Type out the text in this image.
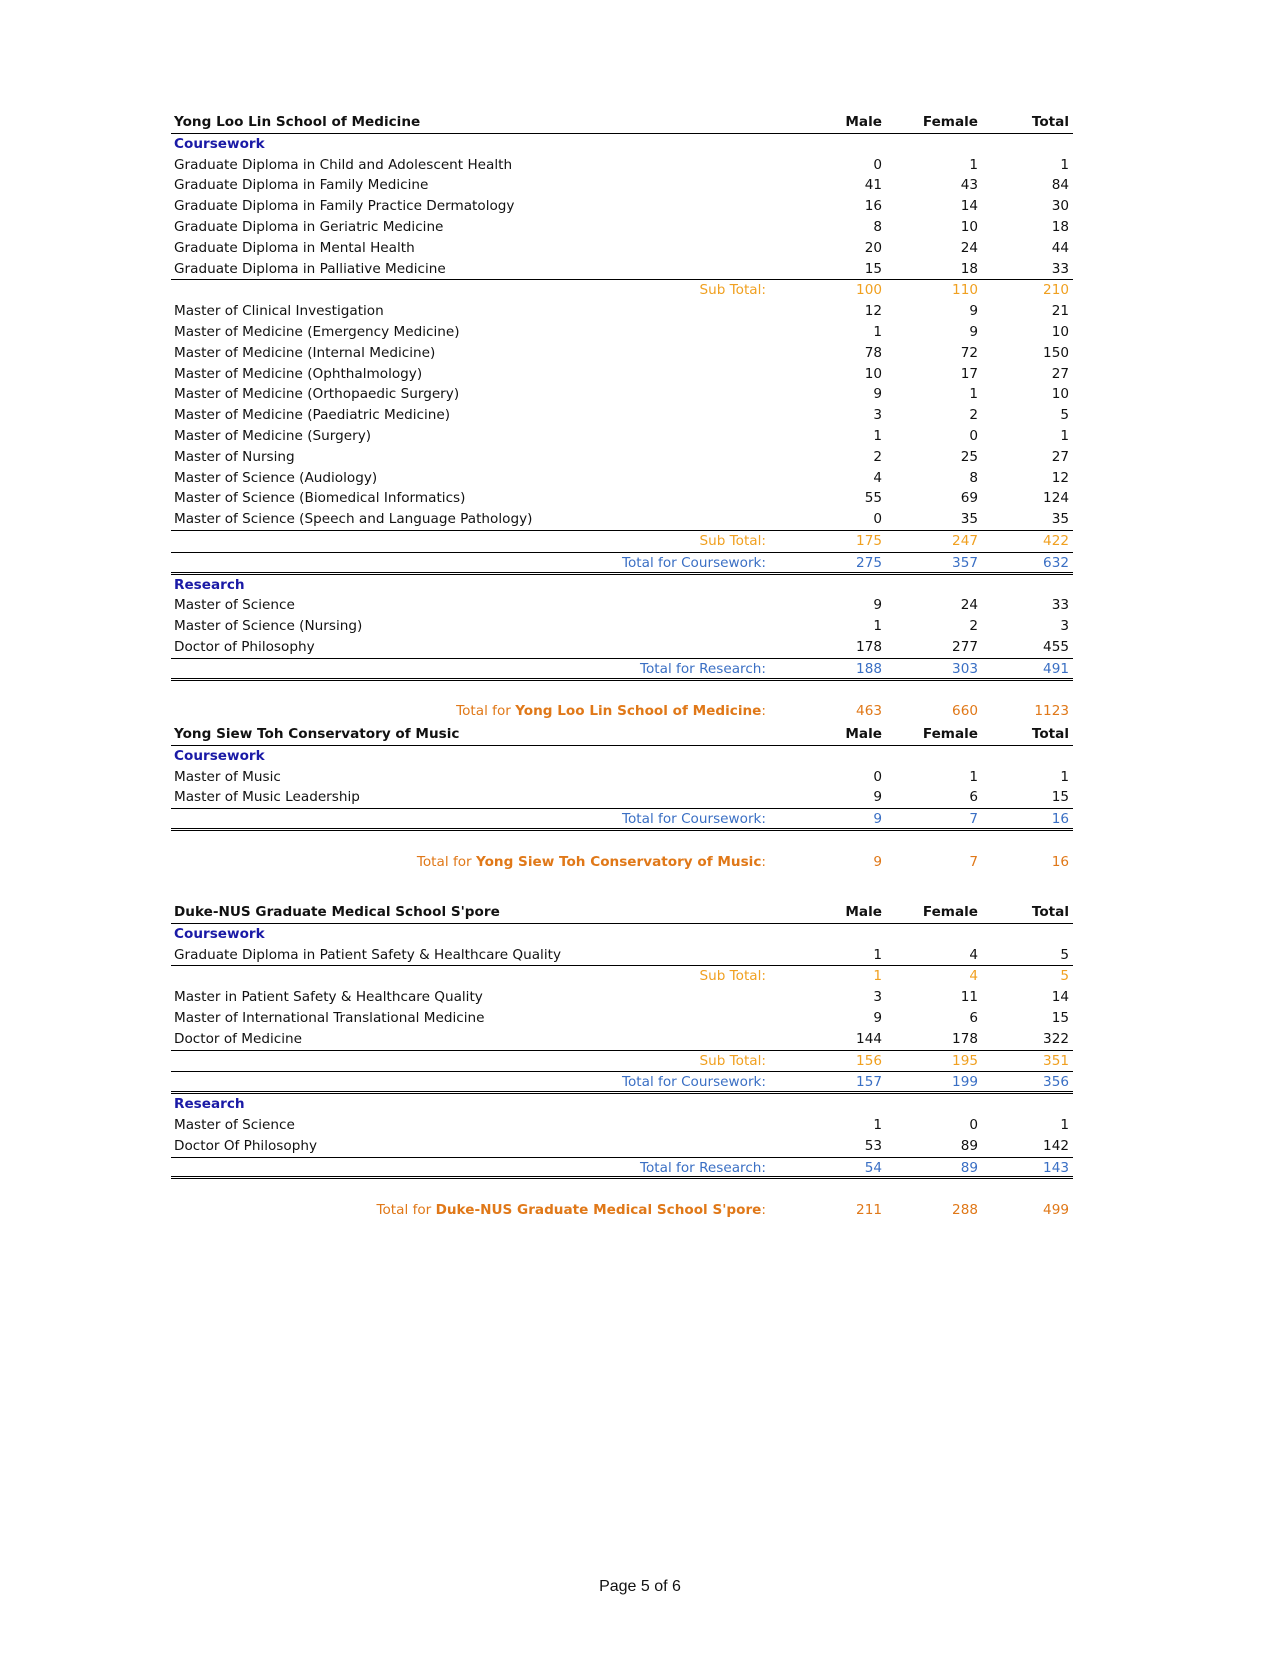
Yong Loo Lin School of Medicine	Male	Female	Total
Coursework
Graduate Diploma in Child and Adolescent Health	0	1	1
Graduate Diploma in Family Medicine	41	43	84
Graduate Diploma in Family Practice Dermatology	16	14	30
Graduate Diploma in Geriatric Medicine	8	10	18
Graduate Diploma in Mental Health	20	24	44
Graduate Diploma in Palliative Medicine	15	18	33
Sub Total:	100	110	210
Master of Clinical Investigation	12	9	21
Master of Medicine (Emergency Medicine)	1	9	10
Master of Medicine (Internal Medicine)	78	72	150
Master of Medicine (Ophthalmology)	10	17	27
Master of Medicine (Orthopaedic Surgery)	9	1	10
Master of Medicine (Paediatric Medicine)	3	2	5
Master of Medicine (Surgery)	1	0	1
Master of Nursing	2	25	27
Master of Science (Audiology)	4	8	12
Master of Science (Biomedical Informatics)	55	69	124
Master of Science (Speech and Language Pathology)	0	35	35
Sub Total:	175	247	422
Total for Coursework:	275	357	632
Research
Master of Science	9	24	33
Master of Science (Nursing)	1	2	3
Doctor of Philosophy	178	277	455
Total for Research:	188	303	491
Total for Yong Loo Lin School of Medicine:	463	660	1123
Yong Siew Toh Conservatory of Music	Male	Female	Total
Coursework
Master of Music	0	1	1
Master of Music Leadership	9	6	15
Total for Coursework:	9	7	16
Total for Yong Siew Toh Conservatory of Music:	9	7	16
Duke-NUS Graduate Medical School S'pore	Male	Female	Total
Coursework
Graduate Diploma in Patient Safety & Healthcare Quality	1	4	5
Sub Total:	1	4	5
Master in Patient Safety & Healthcare Quality	3	11	14
Master of International Translational Medicine	9	6	15
Doctor of Medicine	144	178	322
Sub Total:	156	195	351
Total for Coursework:	157	199	356
Research
Master of Science	1	0	1
Doctor Of Philosophy	53	89	142
Total for Research:	54	89	143
Total for Duke-NUS Graduate Medical School S'pore:	211	288	499
Page 5 of 6
